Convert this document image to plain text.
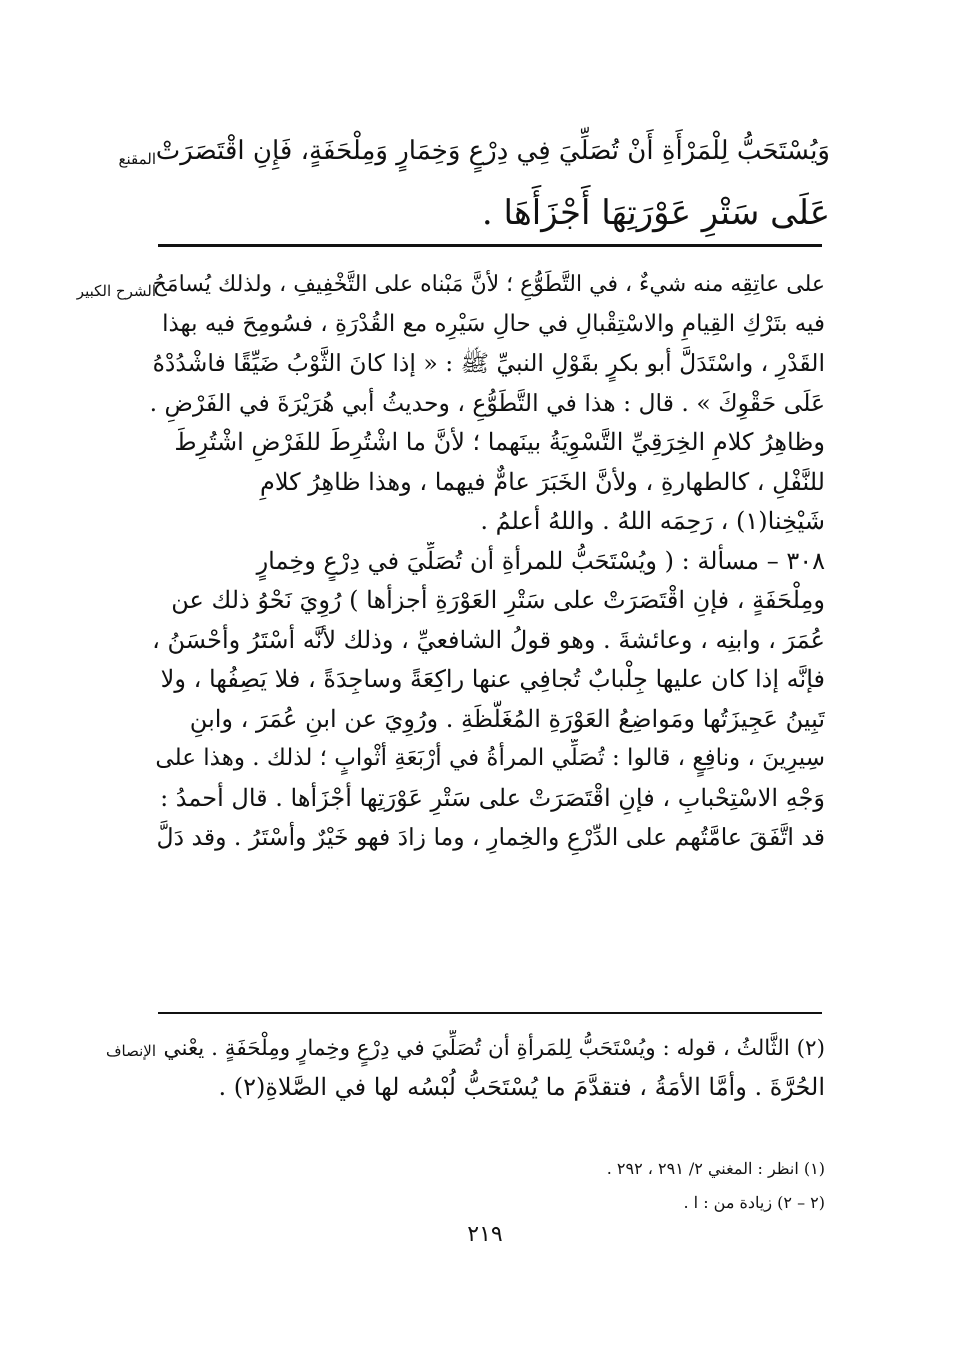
المقنع وَيُسْتَحَبُّ لِلْمَرْأَةِ أَنْ تُصَلِّيَ فِي دِرْعٍ وَخِمَارٍ وَمِلْحَفَةٍ، فَإِنِ اقْتَصَرَتْ
عَلَى سَتْرِ عَوْرَتِهَا أَجْزَأَهَا .
الشرح الكبير
على عاتِقِه منه شيءٌ ، في التَّطَوُّعِ ؛ لأنَّ مَبْناه على التَّخْفِيفِ ، ولذلك يُسامَحُ
فيه بتَرْكِ القِيامِ والاسْتِقْبالِ في حالِ سَيْرِه مع القُدْرَةِ ، فسُومِحَ فيه بهذا
القَدْرِ ، واسْتَدَلَّ أبو بكرٍ بقَوْلِ النبيِّ ﷺ : « إذا كانَ الثَّوْبُ ضَيِّقًا فاشْدُدْهُ
عَلَى حَقْوِكَ » . قال : هذا في التَّطَوُّعِ ، وحديثُ أبي هُرَيْرَةَ في الفَرْضِ .
وظاهِرُ كلامِ الخِرَقِيِّ التَّسْوِيَةُ بينَهما ؛ لأنَّ ما اشْتُرِطَ للفَرْضِ اشْتُرِطَ
للنَّفْلِ ، كالطهارةِ ، ولأنَّ الخَبَرَ عامٌّ فيهما ، وهذا ظاهِرُ كلامِ
شَيْخِنا(١) ، رَحِمَه اللهُ . واللهُ أعلمُ .
٣٠٨ – مسألة : ( ويُسْتَحَبُّ للمرأةِ أن تُصَلِّيَ في دِرْعٍ وخِمارٍ
ومِلْحَفَةٍ ، فإنِ اقْتَصَرَتْ على سَتْرِ العَوْرَةِ أجزأها ) رُوِيَ نَحْوُ ذلك عن
عُمَرَ ، وابنِه ، وعائشةَ . وهو قولُ الشافعيِّ ، وذلك لأنَّه أسْتَرُ وأحْسَنُ ،
فإنَّه إذا كان عليها جِلْبابٌ تُجافِي عنها راكِعَةً وساجِدَةً ، فلا يَصِفُها ، ولا
تَبِينُ عَجِيزَتُها ومَواضِعُ العَوْرَةِ المُغَلَّظَةِ . ورُوِيَ عن ابنِ عُمَرَ ، وابنِ
سِيرِينَ ، ونافِعٍ ، قالوا : تُصَلِّي المرأةُ في أرْبَعَةِ أثْوابٍ ؛ لذلك . وهذا على
وَجْهِ الاسْتِحْبابِ ، فإنِ اقْتَصَرَتْ على سَتْرِ عَوْرَتِها أجْزَأها . قال أحمدُ :
قد اتَّفَقَ عامَّتُهم على الدِّرْعِ والخِمارِ ، وما زادَ فهو خَيْرٌ وأسْتَرُ . وقد دَلَّ
الإنصاف (٢) الثَّالثُ ، قوله : ويُسْتَحَبُّ لِلمَرأةِ أن تُصَلِّيَ في دِرْعٍ وخِمارٍ ومِلْحَفَةٍ . يعْني
الحُرَّةَ . وأمَّا الأمَةُ ، فتقدَّمَ ما يُسْتَحَبُّ لُبْسُه لها في الصَّلاةِ(٢) .
(١) انظر : المغني ٢/ ٢٩١ ، ٢٩٢ .
(٢ – ٢) زيادة من : ا .
٢١٩
